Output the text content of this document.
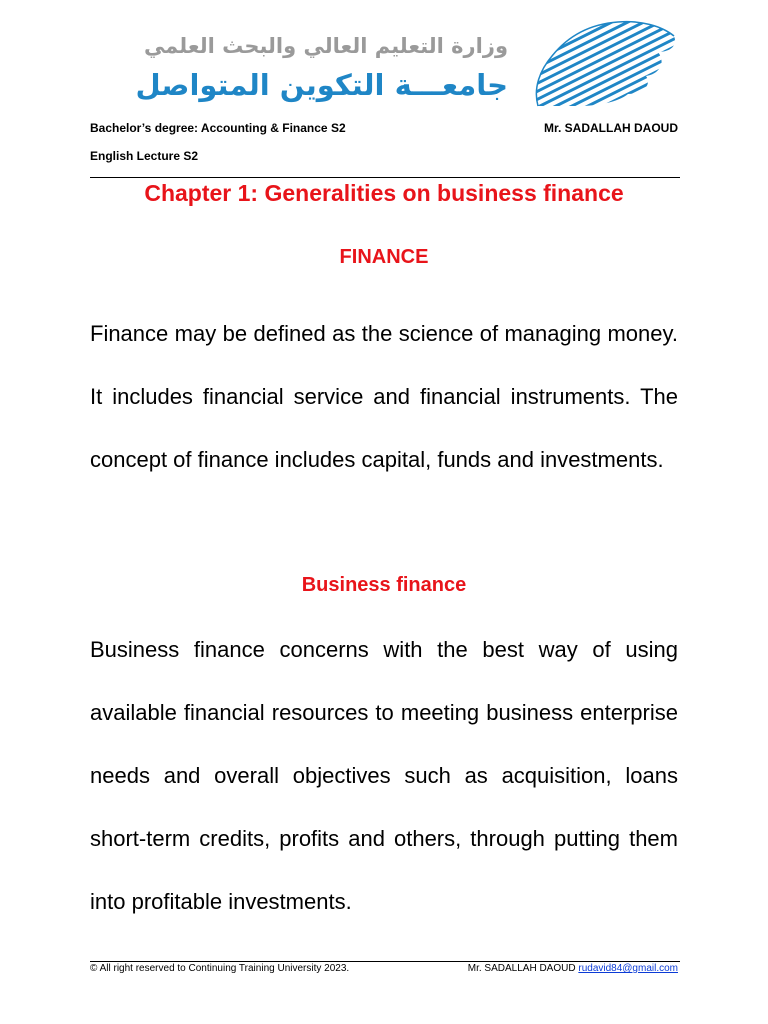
وزارة التعليم العالي والبحث العلمي
جامعـــة التكوين المتواصل
Bachelor’s degree: Accounting & Finance S2	Mr. SADALLAH DAOUD
English Lecture S2
Chapter 1: Generalities on business finance
FINANCE
Finance may be defined as the science of managing money. It includes financial service and financial instruments. The concept of finance includes capital, funds and investments.
Business finance
Business finance concerns with the best way of using available financial resources to meeting business enterprise needs and overall objectives such as acquisition, loans short-term credits, profits and others, through putting them into profitable investments.
© All right reserved to Continuing Training University 2023.	Mr. SADALLAH DAOUD rudavid84@gmail.com
